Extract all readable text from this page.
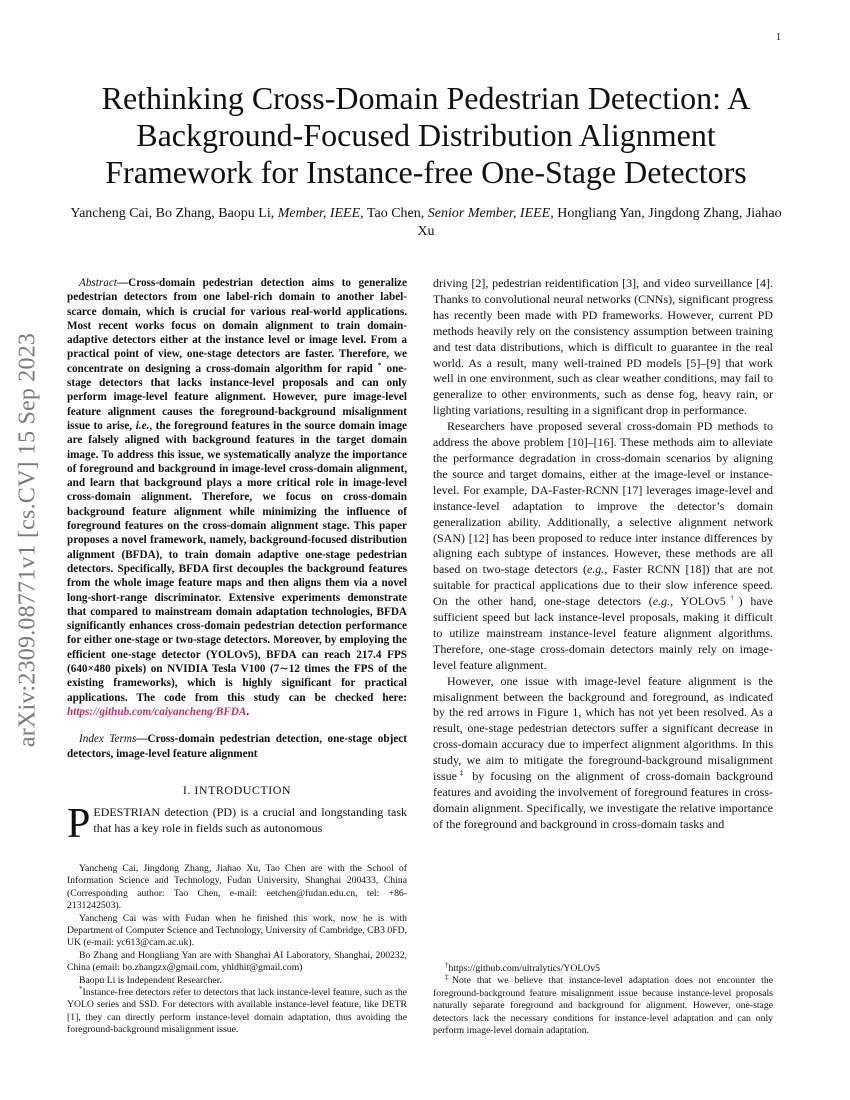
1
arXiv:2309.08771v1 [cs.CV] 15 Sep 2023
Rethinking Cross-Domain Pedestrian Detection: A Background-Focused Distribution Alignment Framework for Instance-free One-Stage Detectors
Yancheng Cai, Bo Zhang, Baopu Li, Member, IEEE, Tao Chen, Senior Member, IEEE, Hongliang Yan, Jingdong Zhang, Jiahao Xu

Abstract—Cross-domain pedestrian detection aims to generalize pedestrian detectors from one label-rich domain to another label-scarce domain, which is crucial for various real-world applications. Most recent works focus on domain alignment to train domain-adaptive detectors either at the instance level or image level. From a practical point of view, one-stage detectors are faster. Therefore, we concentrate on designing a cross-domain algorithm for rapid * one-stage detectors that lacks instance-level proposals and can only perform image-level feature alignment. However, pure image-level feature alignment causes the foreground-background misalignment issue to arise, i.e., the foreground features in the source domain image are falsely aligned with background features in the target domain image. To address this issue, we systematically analyze the importance of foreground and background in image-level cross-domain alignment, and learn that background plays a more critical role in image-level cross-domain alignment. Therefore, we focus on cross-domain background feature alignment while minimizing the influence of foreground features on the cross-domain alignment stage. This paper proposes a novel framework, namely, background-focused distribution alignment (BFDA), to train domain adaptive one-stage pedestrian detectors. Specifically, BFDA first decouples the background features from the whole image feature maps and then aligns them via a novel long-short-range discriminator. Extensive experiments demonstrate that compared to mainstream domain adaptation technologies, BFDA significantly enhances cross-domain pedestrian detection performance for either one-stage or two-stage detectors. Moreover, by employing the efficient one-stage detector (YOLOv5), BFDA can reach 217.4 FPS (640×480 pixels) on NVIDIA Tesla V100 (7∼12 times the FPS of the existing frameworks), which is highly significant for practical applications. The code from this study can be checked here: https://github.com/caiyancheng/BFDA.

Index Terms—Cross-domain pedestrian detection, one-stage object detectors, image-level feature alignment

I. INTRODUCTION

PEDESTRIAN detection (PD) is a crucial and longstanding task that has a key role in fields such as autonomous

Yancheng Cai, Jingdong Zhang, Jiahao Xu, Tao Chen are with the School of Information Science and Technology, Fudan University, Shanghai 200433, China (Corresponding author: Tao Chen, e-mail: eetchen@fudan.edu.cn, tel: +86-2131242503).

Yancheng Cai was with Fudan when he finished this work, now he is with Department of Computer Science and Technology, University of Cambridge, CB3 0FD, UK (e-mail: yc613@cam.ac.uk).

Bo Zhang and Hongliang Yan are with Shanghai AI Laboratory, Shanghai, 200232, China (email: bo.zhangzx@gmail.com, yhldhit@gmail.com)

Baopu Li is Independent Researcher.

*Instance-free detectors refer to detectors that lack instance-level feature, such as the YOLO series and SSD. For detectors with available instance-level feature, like DETR [1], they can directly perform instance-level domain adaptation, thus avoiding the foreground-background misalignment issue.

driving [2], pedestrian reidentification [3], and video surveillance [4]. Thanks to convolutional neural networks (CNNs), significant progress has recently been made with PD frameworks. However, current PD methods heavily rely on the consistency assumption between training and test data distributions, which is difficult to guarantee in the real world. As a result, many well-trained PD models [5]–[9] that work well in one environment, such as clear weather conditions, may fail to generalize to other environments, such as dense fog, heavy rain, or lighting variations, resulting in a significant drop in performance.

Researchers have proposed several cross-domain PD methods to address the above problem [10]–[16]. These methods aim to alleviate the performance degradation in cross-domain scenarios by aligning the source and target domains, either at the image-level or instance-level. For example, DA-Faster-RCNN [17] leverages image-level and instance-level adaptation to improve the detector’s domain generalization ability. Additionally, a selective alignment network (SAN) [12] has been proposed to reduce inter instance differences by aligning each subtype of instances. However, these methods are all based on two-stage detectors (e.g., Faster RCNN [18]) that are not suitable for practical applications due to their slow inference speed. On the other hand, one-stage detectors (e.g., YOLOv5†) have sufficient speed but lack instance-level proposals, making it difficult to utilize mainstream instance-level feature alignment algorithms. Therefore, one-stage cross-domain detectors mainly rely on image-level feature alignment.

However, one issue with image-level feature alignment is the misalignment between the background and foreground, as indicated by the red arrows in Figure 1, which has not yet been resolved. As a result, one-stage pedestrian detectors suffer a significant decrease in cross-domain accuracy due to imperfect alignment algorithms. In this study, we aim to mitigate the foreground-background misalignment issue‡ by focusing on the alignment of cross-domain background features and avoiding the involvement of foreground features in cross-domain alignment. Specifically, we investigate the relative importance of the foreground and background in cross-domain tasks and

†https://github.com/ultralytics/YOLOv5

‡Note that we believe that instance-level adaptation does not encounter the foreground-background feature misalignment issue because instance-level proposals naturally separate foreground and background for alignment. However, one-stage detectors lack the necessary conditions for instance-level adaptation and can only perform image-level domain adaptation.
